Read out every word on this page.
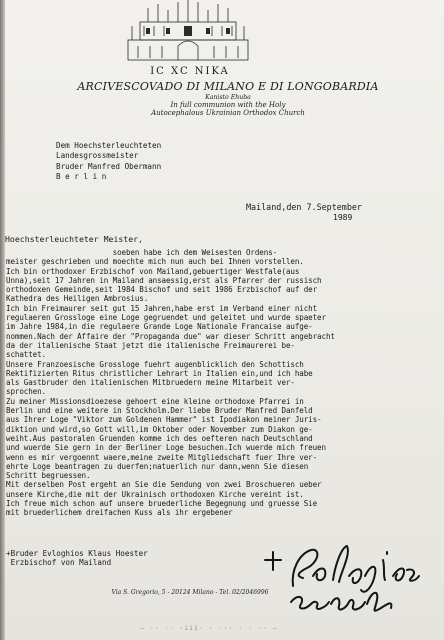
IC XC NIKA
ARCIVESCOVADO DI MILANO E DI LONGOBARDIA
Kanisto Ehuba
In full communion with the Holy
Autocephalous Ukrainian Orthodox Church
Dem Hoechsterleuchteten
Landesgrossmeister
Bruder Manfred Obermann
B e r l i n
Mailand,den 7.September
1989
Hoechsterleuchteter Meister,
soeben habe ich dem Weisesten Ordens-
meister geschrieben und moechte mich nun auch bei Ihnen vorstellen.
Ich bin orthodoxer Erzbischof von Mailand,gebuertiger Westfale(aus
Unna),seit 17 Jahren in Mailand ansaessig,erst als Pfarrer der russisch
orthodoxen Gemeinde,seit 1984 Bischof und seit 1986 Erzbischof auf der
Kathedra des Heiligen Ambrosius.
Ich bin Freimaurer seit gut 15 Jahren,habe erst im Verband einer nicht
regulaeren Grossloge eine Loge gegruendet und geleitet und wurde spaeter
im Jahre 1984,in die regulaere Grande Loge Nationale Francaise aufge-
nommen.Nach der Affaire der "Propaganda due" war dieser Schritt angebracht
da der italienische Staat jetzt die italienische Freimaurerei be-
schattet.
Unsere Franzoesische Grossloge fuehrt augenblicklich den Schottisch
Rektifizierten Ritus christlicher Lehrart in Italien ein,und ich habe
als Gastbruder den italienischen Mitbruedern meine Mitarbeit ver-
sprochen.
Zu meiner Missionsdioezese gehoert eine kleine orthodoxe Pfarrei in
Berlin und eine weitere in Stockholm.Der liebe Bruder Manfred Danfeld
aus Ihrer Loge "Viktor zum Goldenen Hammer" ist Ipodiakon meiner Juris-
diktion und wird,so Gott will,im Oktober oder November zum Diakon ge-
weiht.Aus pastoralen Gruenden komme ich des oefteren nach Deutschland
und wuerde Sie gern in der Berliner Loge besuchen.Ich wuerde mich freuen
wenn es mir vergoennt waere,meine zweite Mitgliedschaft fuer Ihre ver-
ehrte Loge beantragen zu duerfen;natuerlich nur dann,wenn Sie diesen
Schritt begruessen.
Mit derselben Post ergeht an Sie die Sendung von zwei Broschueren ueber
unsere Kirche,die mit der Ukrainisch orthodoxen Kirche vereint ist.
Ich freue mich schon auf unsere bruederliche Begegnung und gruesse Sie
mit bruederlichem dreifachen Kuss als ihr ergebener
+Bruder Evloghios Klaus Hoester
Erzbischof von Mailand
Via S. Gregorio, 5 - 20124 Milano - Tel. 02/2046996
— ·· ·· ·iii· · ··· · · ·· —
